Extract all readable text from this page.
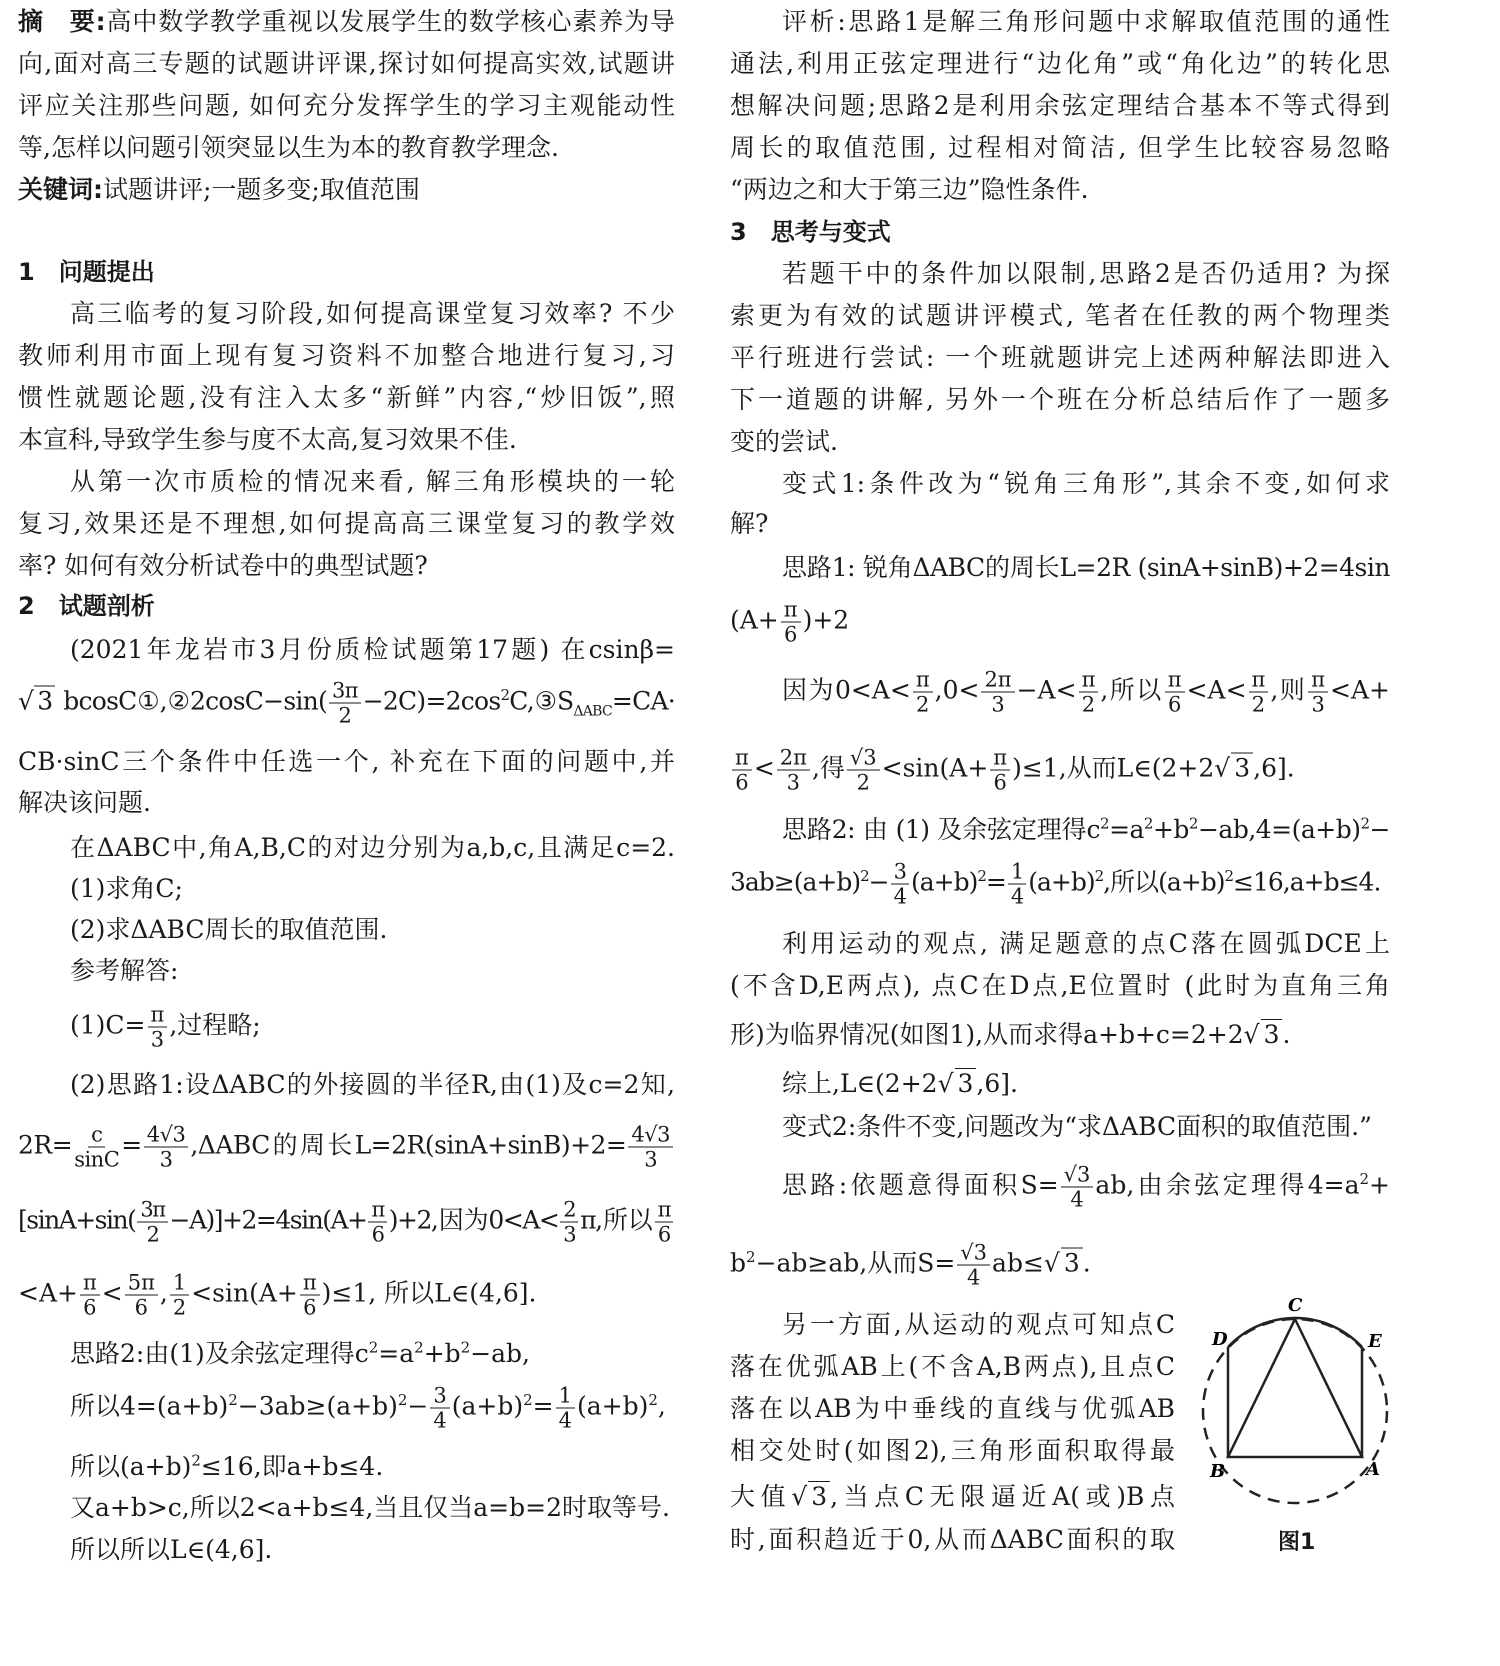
摘　要:高中数学教学重视以发展学生的数学核心素养为导
向,面对高三专题的试题讲评课,探讨如何提高实效,试题讲
评应关注那些问题, 如何充分发挥学生的学习主观能动性
等,怎样以问题引领突显以生为本的教育教学理念.
关键词:试题讲评;一题多变;取值范围
1　问题提出
高三临考的复习阶段,如何提高课堂复习效率? 不少
教师利用市面上现有复习资料不加整合地进行复习,习
惯性就题论题,没有注入太多“新鲜”内容,“炒旧饭”,照
本宣科,导致学生参与度不太高,复习效果不佳.
从第一次市质检的情况来看, 解三角形模块的一轮
复习,效果还是不理想,如何提高高三课堂复习的教学效
率? 如何有效分析试卷中的典型试题?
2　试题剖析
(2021年龙岩市3月份质检试题第17题) 在csinβ=
√ 3 bcosC①,②2cosC−sin( $\frac{3\pi}{2}$ $-2C)=2\cos^2C,③S_{\Delta ABC}=CA\cdot$
CB·sinC三个条件中任选一个, 补充在下面的问题中,并
解决该问题.
在ΔABC中,角A,B,C的对边分别为a,b,c,且满足c=2.
(1)求角C;
(2)求ΔABC周长的取值范围.
参考解答:
$(1)C= \frac{\pi}{3}$ ,过程略;
(2)思路1:设ΔABC的外接圆的半径R,由(1)及c=2知,
$2R= \frac{c}{\sin C} = \frac{4√3}{3} ,\Delta ABC$的周长$L=2R(\sin A+\sin B)+2= \frac{4√3}{3}$
$[\sin A+\sin( \frac{3\pi}{2} -A)]+2=4\sin(A+ \frac{\pi}{6} )+2$,因为$0<A< \frac{2}{3} \pi$,所以 $\frac{\pi}{6}$
$<A+ \frac{\pi}{6} < \frac{5\pi}{6}$ , $\frac{1}{2} <\sin(A+ \frac{\pi}{6} )\le 1$, 所以L∈(4,6].
思路2:由(1)及余弦定理得$c^2=a^2+b^2-ab$,
所以$4=(a+b)^2-3ab\ge(a+b)^2- \frac{3}{4} (a+b)^2= \frac{1}{4} (a+b)^2$,
所以$(a+b)^2\le 16$,即a+b≤4.
又a+b>c,所以2<a+b≤4,当且仅当a=b=2时取等号.
所以所以L∈(4,6].
评析:思路1是解三角形问题中求解取值范围的通性
通法,利用正弦定理进行“边化角”或“角化边”的转化思
想解决问题;思路2是利用余弦定理结合基本不等式得到
周长的取值范围, 过程相对简洁, 但学生比较容易忽略
“两边之和大于第三边”隐性条件.
3　思考与变式
若题干中的条件加以限制,思路2是否仍适用? 为探
索更为有效的试题讲评模式, 笔者在任教的两个物理类
平行班进行尝试: 一个班就题讲完上述两种解法即进入
下一道题的讲解, 另外一个班在分析总结后作了一题多
变的尝试.
变式1:条件改为“锐角三角形”,其余不变,如何求
解?
思路1: 锐角ΔABC的周长L=2R (sinA+sinB)+2=4sin
$(A+ \frac{\pi}{6} )+2$
因为$0<A< \frac{\pi}{2} ,0< \frac{2\pi}{3} -A< \frac{\pi}{2}$ ,所以 $\frac{\pi}{6} <A< \frac{\pi}{2}$ ,则 $\frac{\pi}{3} <A+$
$\frac{\pi}{6} < \frac{2\pi}{3}$ ,得 $\frac{√3}{2} <\sin(A+ \frac{\pi}{6} )\le 1$,从而L∈(2+2√ 3 ,6].
思路2: 由 (1) 及余弦定理得$c^2=a^2+b^2-ab,4=(a+b)^2-$
$3ab\ge(a+b)^2- \frac{3}{4} (a+b)^2= \frac{1}{4} (a+b)^2$,所以$(a+b)^2\le 16,a+b\le 4$.
利用运动的观点, 满足题意的点C落在圆弧DCE上
(不含D,E两点), 点C在D点,E位置时 (此时为直角三角
形)为临界情况(如图1),从而求得a+b+c=2+2√ 3 .
综上,L∈(2+2√ 3 ,6].
变式2:条件不变,问题改为“求ΔABC面积的取值范围.”
思路:依题意得面积$S= \frac{√3}{4}$ ab,由余弦定理得$4=a^2+$
$b^2-ab\ge ab$,从而$S= \frac{√3}{4} ab\le√$ 3 .
另一方面,从运动的观点可知点C
落在优弧AB上(不含A,B两点),且点C
落在以AB为中垂线的直线与优弧AB
相交处时(如图2),三角形面积取得最
大值√ 3 ,当点C无限逼近A(或)B点
时,面积趋近于0,从而ΔABC面积的取
C
A
B
D	E
图1
